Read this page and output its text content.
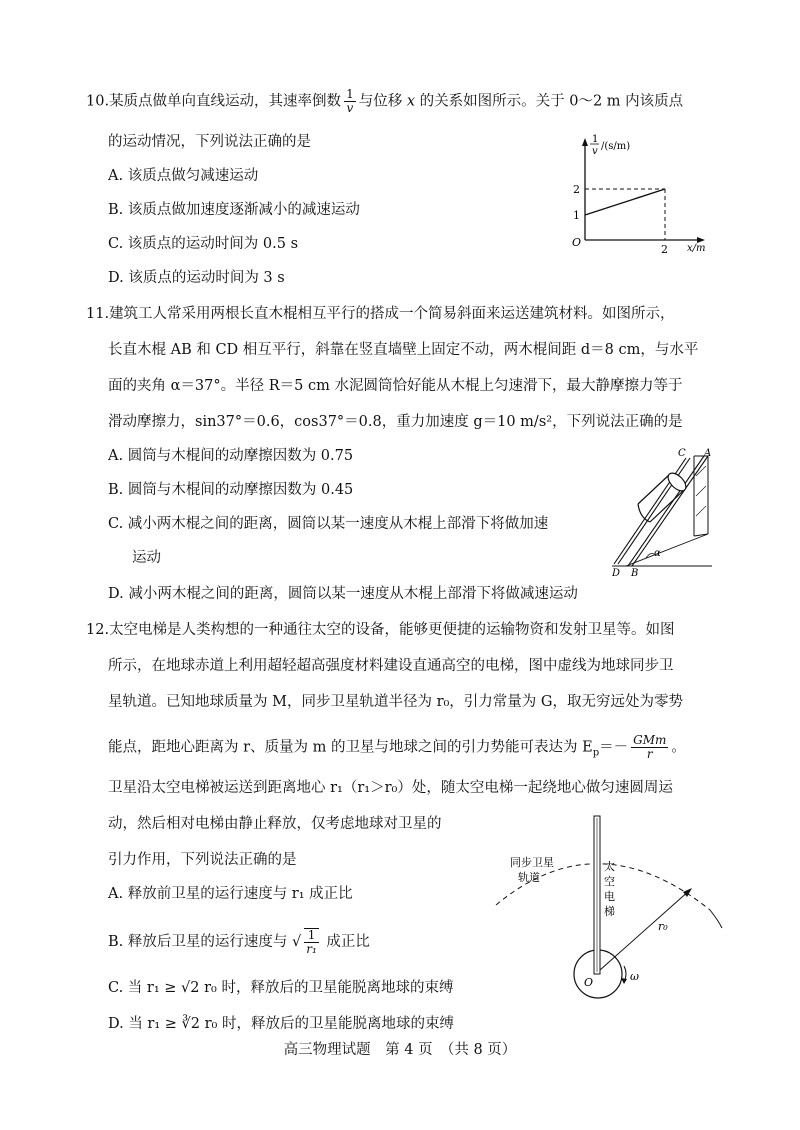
10.某质点做单向直线运动，其速率倒数 $\frac{1}{v}$ 与位移 x 的关系如图所示。关于 0～2 m 内该质点
的运动情况，下列说法正确的是
A. 该质点做匀减速运动
B. 该质点做加速度逐渐减小的减速运动
C. 该质点的运动时间为 0.5 s
D. 该质点的运动时间为 3 s
1
v /(s/m)
2
1
O
2 x/m
11.建筑工人常采用两根长直木棍相互平行的搭成一个简易斜面来运送建筑材料。如图所示，
长直木棍 AB 和 CD 相互平行，斜靠在竖直墙壁上固定不动，两木棍间距 d＝8 cm，与水平
面的夹角 α＝37°。半径 R＝5 cm 水泥圆筒恰好能从木棍上匀速滑下，最大静摩擦力等于
滑动摩擦力，sin37°＝0.6，cos37°＝0.8，重力加速度 g＝10 m/s²，下列说法正确的是
A. 圆筒与木棍间的动摩擦因数为 0.75
B. 圆筒与木棍间的动摩擦因数为 0.45
C. 减小两木棍之间的距离，圆筒以某一速度从木棍上部滑下将做加速
运动
D. 减小两木棍之间的距离，圆筒以某一速度从木棍上部滑下将做减速运动
C A
D B
α
12.太空电梯是人类构想的一种通往太空的设备，能够更便捷的运输物资和发射卫星等。如图
所示，在地球赤道上利用超轻超高强度材料建设直通高空的电梯，图中虚线为地球同步卫
星轨道。已知地球质量为 M，同步卫星轨道半径为 r₀，引力常量为 G，取无穷远处为零势
能点，距地心距离为 r、质量为 m 的卫星与地球之间的引力势能可表达为 $E_p=- \frac{\text{GMm}}{r}$ 。
卫星沿太空电梯被运送到距离地心 r₁（r₁＞r₀）处，随太空电梯一起绕地心做匀速圆周运
动，然后相对电梯由静止释放，仅考虑地球对卫星的
引力作用，下列说法正确的是
A. 释放前卫星的运行速度与 r₁ 成正比
B. 释放后卫星的运行速度与 √ $\frac{1}{\text{r₁}}$ 成正比
C. 当 r₁ ≥ √2 r₀ 时，释放后的卫星能脱离地球的束缚
D. 当 r₁ ≥ ∛2 r₀ 时，释放后的卫星能脱离地球的束缚
同步卫星
轨道
太
空
电
梯
r₀
O	ω
高三物理试题　第 4 页　（共 8 页）
